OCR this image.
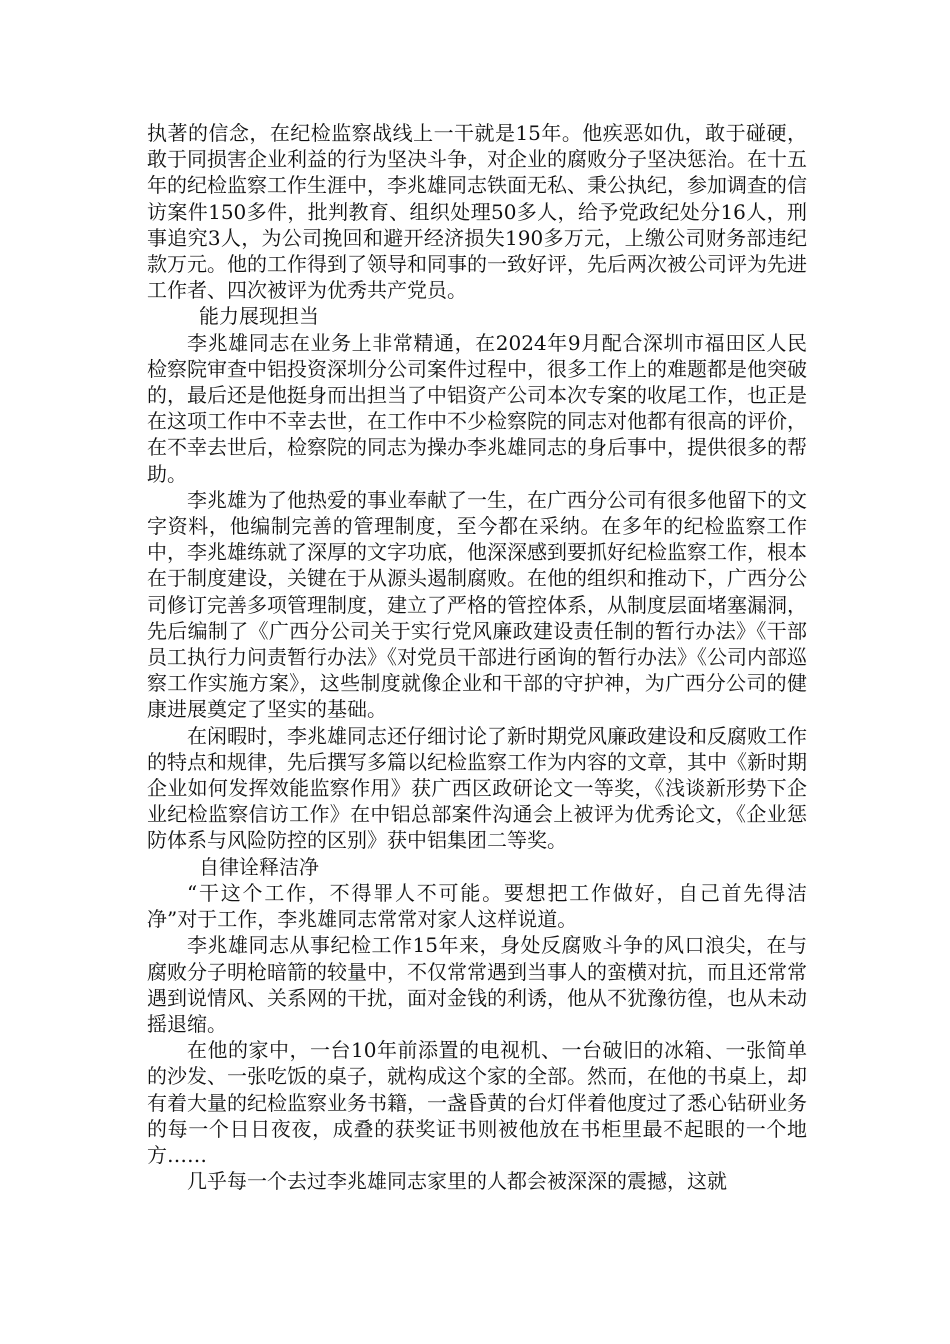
执著的信念，在纪检监察战线上一干就是15年。他疾恶如仇，敢于碰硬，敢于同损害企业利益的行为坚决斗争，对企业的腐败分子坚决惩治。在十五年的纪检监察工作生涯中，李兆雄同志铁面无私、秉公执纪，参加调查的信访案件150多件，批判教育、组织处理50多人，给予党政纪处分16人，刑事追究3人，为公司挽回和避开经济损失190多万元，上缴公司财务部违纪款万元。他的工作得到了领导和同事的一致好评，先后两次被公司评为先进工作者、四次被评为优秀共产党员。

能力展现担当

李兆雄同志在业务上非常精通，在2024年9月配合深圳市福田区人民检察院审查中铝投资深圳分公司案件过程中，很多工作上的难题都是他突破的，最后还是他挺身而出担当了中铝资产公司本次专案的收尾工作，也正是在这项工作中不幸去世，在工作中不少检察院的同志对他都有很高的评价，在不幸去世后，检察院的同志为操办李兆雄同志的身后事中，提供很多的帮助。

李兆雄为了他热爱的事业奉献了一生，在广西分公司有很多他留下的文字资料，他编制完善的管理制度，至今都在采纳。在多年的纪检监察工作中，李兆雄练就了深厚的文字功底，他深深感到要抓好纪检监察工作，根本在于制度建设，关键在于从源头遏制腐败。在他的组织和推动下，广西分公司修订完善多项管理制度，建立了严格的管控体系，从制度层面堵塞漏洞，先后编制了《广西分公司关于实行党风廉政建设责任制的暂行办法》《干部员工执行力问责暂行办法》《对党员干部进行函询的暂行办法》《公司内部巡察工作实施方案》，这些制度就像企业和干部的守护神，为广西分公司的健康进展奠定了坚实的基础。

在闲暇时，李兆雄同志还仔细讨论了新时期党风廉政建设和反腐败工作的特点和规律，先后撰写多篇以纪检监察工作为内容的文章，其中《新时期企业如何发挥效能监察作用》获广西区政研论文一等奖，《浅谈新形势下企业纪检监察信访工作》在中铝总部案件沟通会上被评为优秀论文，《企业惩防体系与风险防控的区别》获中铝集团二等奖。

自律诠释洁净

“干这个工作，不得罪人不可能。要想把工作做好，自己首先得洁净”对于工作，李兆雄同志常常对家人这样说道。

李兆雄同志从事纪检工作15年来，身处反腐败斗争的风口浪尖，在与腐败分子明枪暗箭的较量中，不仅常常遇到当事人的蛮横对抗，而且还常常遇到说情风、关系网的干扰，面对金钱的利诱，他从不犹豫彷徨，也从未动摇退缩。

在他的家中，一台10年前添置的电视机、一台破旧的冰箱、一张简单的沙发、一张吃饭的桌子，就构成这个家的全部。然而，在他的书桌上，却有着大量的纪检监察业务书籍，一盏昏黄的台灯伴着他度过了悉心钻研业务的每一个日日夜夜，成叠的获奖证书则被他放在书柜里最不起眼的一个地方……

几乎每一个去过李兆雄同志家里的人都会被深深的震撼，这就
